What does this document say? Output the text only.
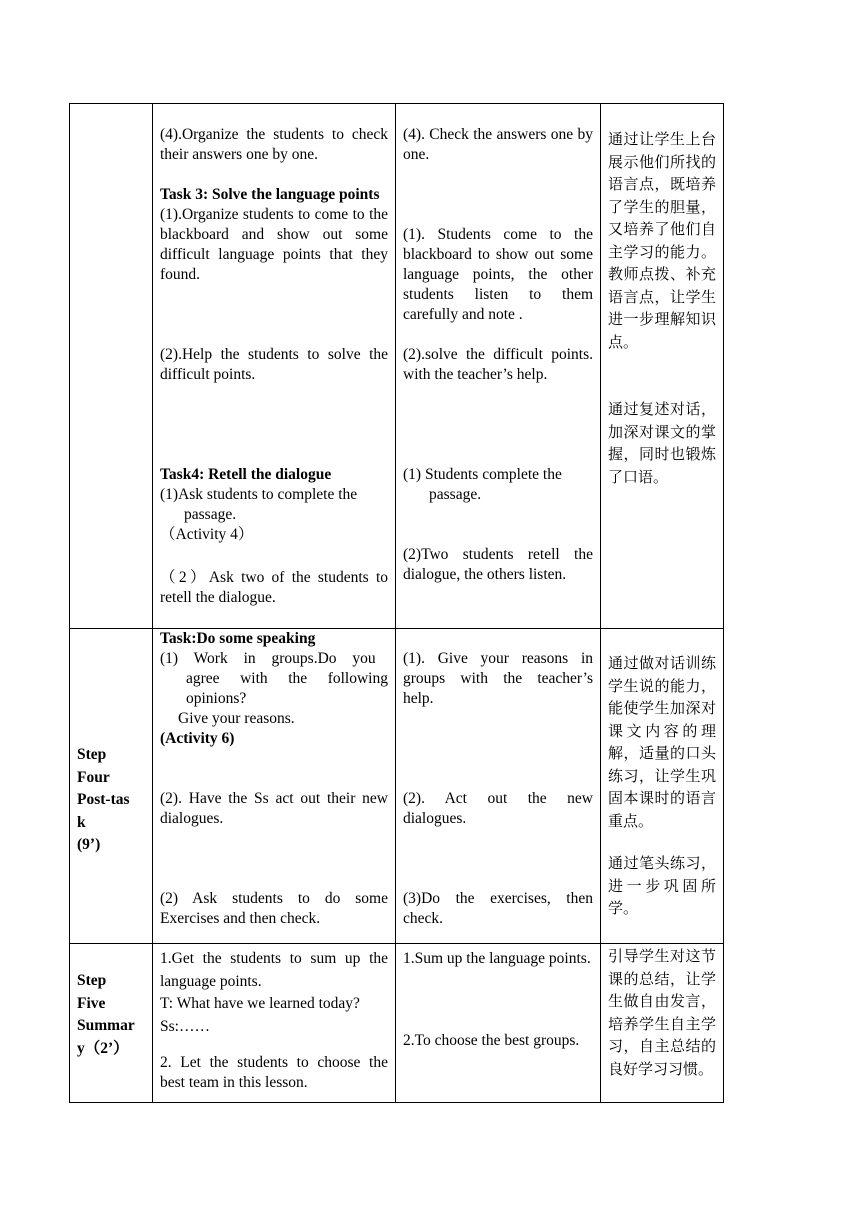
(4).Organize the students to check their answers one by one.

Task 3: Solve the language points

(1).Organize students to come to the blackboard and show out some difficult language points that they found.

(2).Help the students to solve the difficult points.

Task4: Retell the dialogue

(1)Ask students to complete the

passage.

（Activity 4）

（2）Ask two of the students to retell the dialogue.

(4). Check the answers one by one.

(1). Students come to the blackboard to show out some language points, the other students listen to them carefully and note .

(2).solve the difficult points. with the teacher’s help.

(1) Students complete the

passage.

(2)Two students retell the dialogue, the others listen.

通过让学生上台展示他们所找的语言点，既培养了学生的胆量，又培养了他们自主学习的能力。教师点拨、补充语言点，让学生进一步理解知识点。

通过复述对话，加深对课文的掌握，同时也锻炼了口语。

Step

Four

Post-tas

k

(9’)

Task:Do some speaking

(1) Work in groups.Do you

agree with the following opinions?

Give your reasons.

(Activity 6)

(2). Have the Ss act out their new dialogues.

(2) Ask students to do some Exercises and then check.

(1). Give your reasons in groups with the teacher’s help.

(2). Act out the new dialogues.

(3)Do the exercises, then check.

通过做对话训练学生说的能力，能使学生加深对课文内容的理解，适量的口头练习，让学生巩固本课时的语言重点。

通过笔头练习，进一步巩固所学。

Step

Five

Summar

y（2’）

1.Get the students to sum up the language points.

T: What have we learned today?

Ss:……

2. Let the students to choose the best team in this lesson.

1.Sum up the language points.

2.To choose the best groups.

引导学生对这节课的总结，让学生做自由发言，培养学生自主学习，自主总结的良好学习习惯。
